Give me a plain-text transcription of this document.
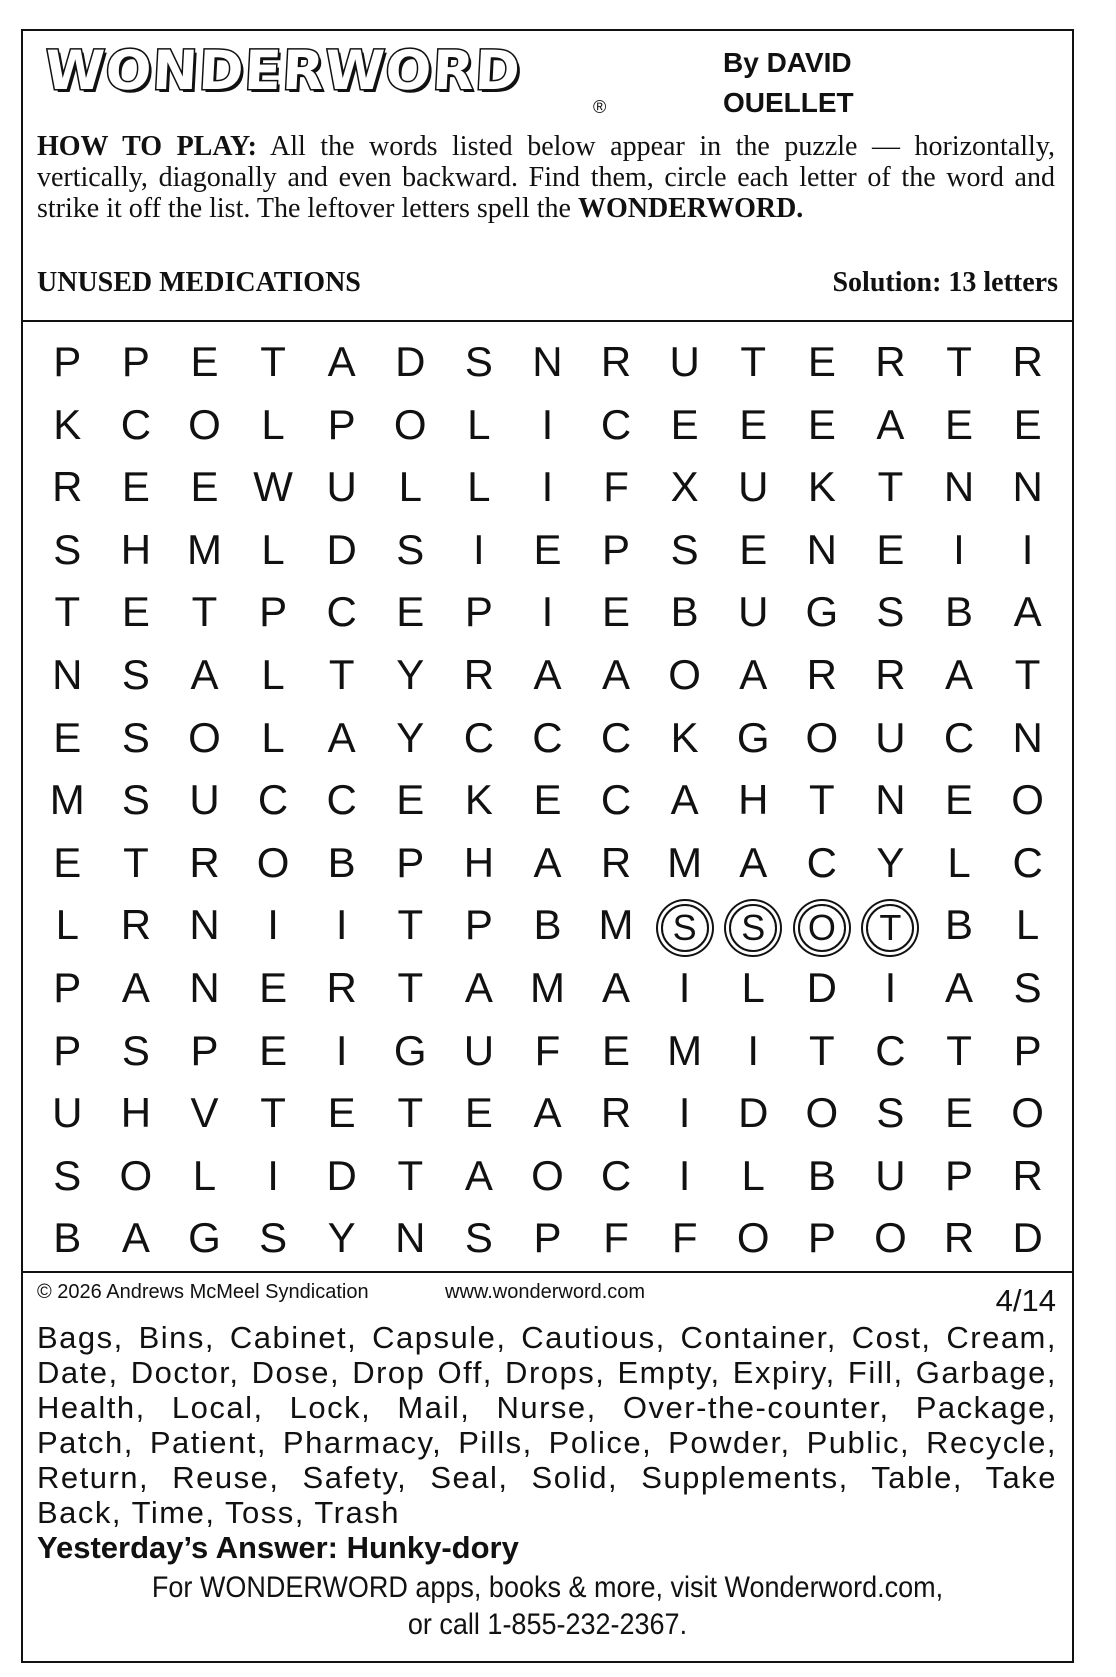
WONDERWORD
®
By DAVID
OUELLET
HOW TO PLAY: All the words listed below appear in the puzzle — horizontally, vertically, diagonally and even backward. Find them, circle each letter of the word and strike it off the list. The leftover letters spell the WONDERWORD.
UNUSED MEDICATIONS	Solution: 13 letters
P P E T A D S N R U T E R T R
K C O L	P O L	I	C E E E A E E
R E E W U L	L	I	F X U K T N N
S H M L D S	I	E P S E N E	I	I
T E T P C E P	I	E B U G S B A
N S A	L	T Y R A A O A R R A T
E S O L	A Y C C C K G O U C N
M S U C C E K E C A H T N E O
E T R O B P H A R M A C Y	L C
L R N	I	I	T P B M	S	S	O	T	B	L
P A N E R T A M A	I	L D	I	A S
P S P E	I	G U F E M	I	T C T P
U H V T E T E A R	I	D O S E O
S O L	I	D T A O C	I	L	B U P R
B A G S Y N S P F	F O P O R D
© 2026 Andrews McMeel Syndication	www.wonderword.com	4/14
Bags, Bins, Cabinet, Capsule, Cautious, Container, Cost, Cream, Date, Doctor, Dose, Drop Off, Drops, Empty, Expiry, Fill, Garbage, Health, Local, Lock, Mail, Nurse, Over-the-counter, Package, Patch, Patient, Pharmacy, Pills, Police, Powder, Public, Recycle, Return, Reuse, Safety, Seal, Solid, Supplements, Table, Take Back, Time, Toss, Trash
Yesterday’s Answer: Hunky-dory
For WONDERWORD apps, books & more, visit Wonderword.com,
or call 1-855-232-2367.
